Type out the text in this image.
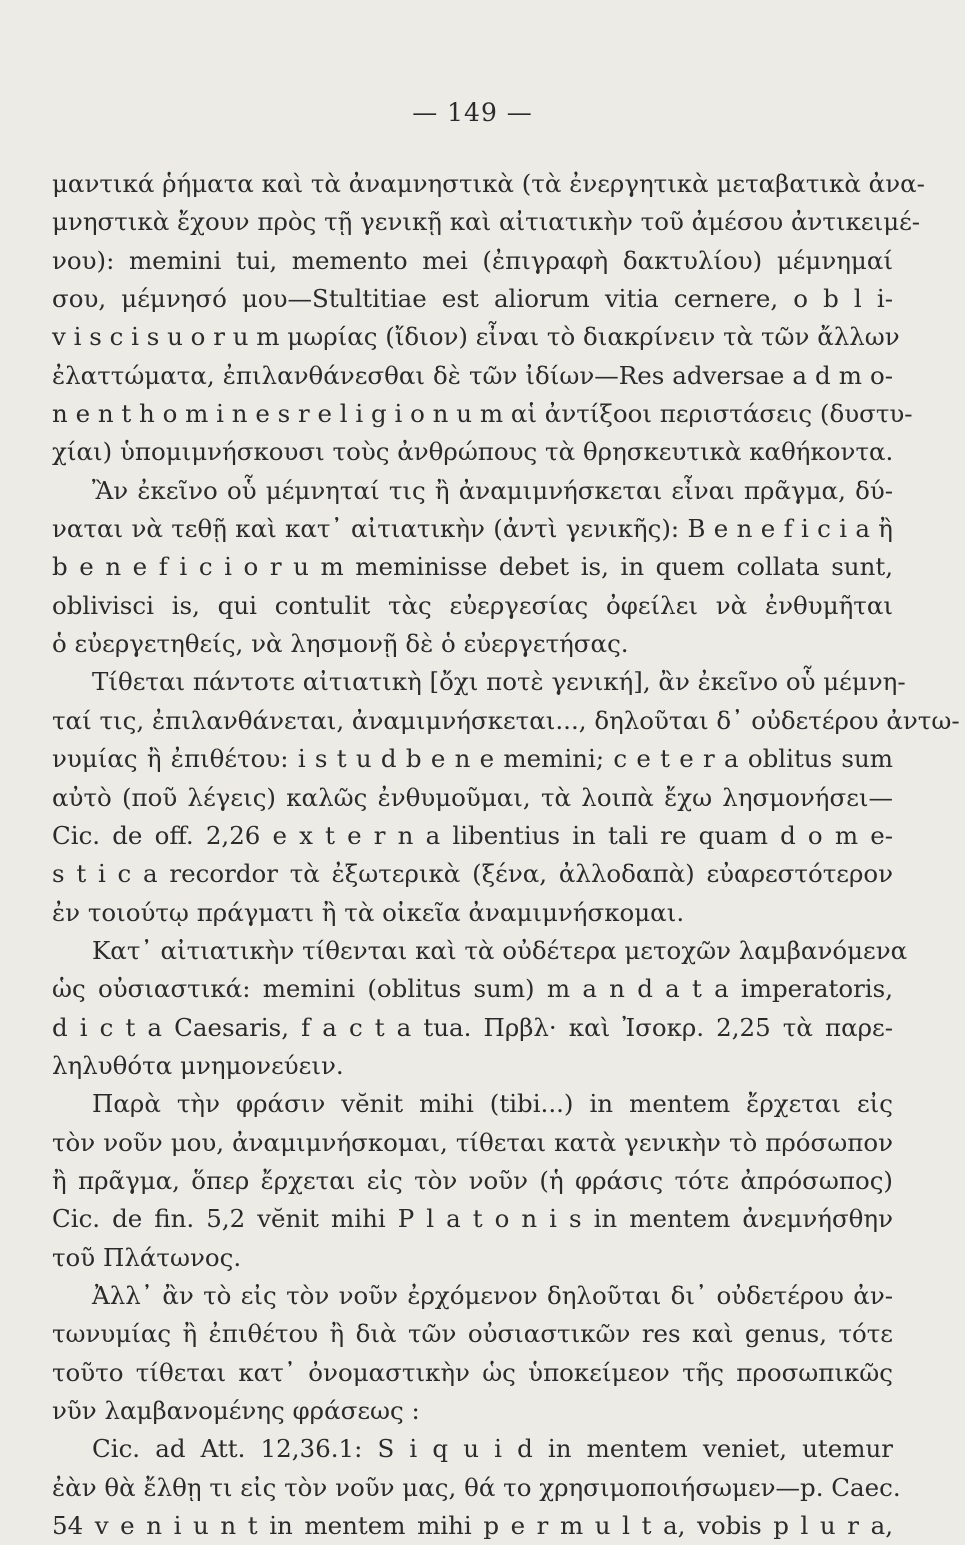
— 149 —
μαντικά ῥήματα καὶ τὰ ἀναμνηστικὰ (τὰ ἐνεργητικὰ μεταβατικὰ ἀνα-
μνηστικὰ ἔχουν πρὸς τῇ γενικῇ καὶ αἰτιατικὴν τοῦ ἀμέσου ἀντικειμέ-
νου): memini tui, memento mei (ἐπιγραφὴ δακτυλίου) μέμνημαί
σου, μέμνησό μου—Stultitiae est aliorum vitia cernere, o b l i-
v i s c i s u o r u m μωρίας (ἴδιον) εἶναι τὸ διακρίνειν τὰ τῶν ἄλλων
ἐλαττώματα, ἐπιλανθάνεσθαι δὲ τῶν ἰδίων—Res adversae a d m o-
n e n t h o m i n e s r e l i g i o n u m αἱ ἀντίξοοι περιστάσεις (δυστυ-
χίαι) ὑπομιμνήσκουσι τοὺς ἀνθρώπους τὰ θρησκευτικὰ καθήκοντα.
Ἂν ἐκεῖνο οὗ μέμνηταί τις ἢ ἀναμιμνήσκεται εἶναι πρᾶγμα, δύ-
ναται νὰ τεθῇ καὶ κατ᾿ αἰτιατικὴν (ἀντὶ γενικῆς): B e n e f i c i a ἢ
b e n e f i c i o r u m meminisse debet is, in quem collata sunt,
oblivisci is, qui contulit τὰς εὐεργεσίας ὀφείλει νὰ ἐνθυμῆται
ὁ εὐεργετηθείς, νὰ λησμονῇ δὲ ὁ εὐεργετήσας.
Τίθεται πάντοτε αἰτιατικὴ [ὄχι ποτὲ γενική], ἂν ἐκεῖνο οὗ μέμνη-
ταί τις, ἐπιλανθάνεται, ἀναμιμνήσκεται..., δηλοῦται δ᾿ οὐδετέρου ἀντω-
νυμίας ἢ ἐπιθέτου: i s t u d b e n e memini; c e t e r a oblitus sum
αὐτὸ (ποῦ λέγεις) καλῶς ἐνθυμοῦμαι, τὰ λοιπὰ ἔχω λησμονήσει—
Cic. de off. 2,26 e x t e r n a libentius in tali re quam d o m e-
s t i c a recordor τὰ ἐξωτερικὰ (ξένα, ἀλλοδαπὰ) εὐαρεστότερον
ἐν τοιούτῳ πράγματι ἢ τὰ οἰκεῖα ἀναμιμνήσκομαι.
Κατ᾿ αἰτιατικὴν τίθενται καὶ τὰ οὐδέτερα μετοχῶν λαμβανόμενα
ὡς οὐσιαστικά: memini (oblitus sum) m a n d a t a imperatoris,
d i c t a Caesaris, f a c t a tua. Πρβλ· καὶ Ἰσοκρ. 2,25 τὰ παρε-
ληλυθότα μνημονεύειν.
Παρὰ τὴν φράσιν vĕnit mihi (tibi...) in mentem ἔρχεται εἰς
τὸν νοῦν μου, ἀναμιμνήσκομαι, τίθεται κατὰ γενικὴν τὸ πρόσωπον
ἢ πρᾶγμα, ὅπερ ἔρχεται εἰς τὸν νοῦν (ἡ φράσις τότε ἀπρόσωπος)
Cic. de fin. 5,2 vĕnit mihi P l a t o n i s in mentem ἀνεμνήσθην
τοῦ Πλάτωνος.
Ἀλλ᾿ ἂν τὸ εἰς τὸν νοῦν ἐρχόμενον δηλοῦται δι᾿ οὐδετέρου ἀν-
τωνυμίας ἢ ἐπιθέτου ἢ διὰ τῶν οὐσιαστικῶν res καὶ genus, τότε
τοῦτο τίθεται κατ᾿ ὀνομαστικὴν ὡς ὑποκείμεον τῆς προσωπικῶς
νῦν λαμβανομένης φράσεως :
Cic. ad Att. 12,36.1: S i q u i d in mentem veniet, utemur
ἐὰν θὰ ἔλθῃ τι εἰς τὸν νοῦν μας, θά το χρησιμοποιήσωμεν—p. Caec.
54 v e n i u n t in mentem mihi p e r m u l t a, vobis p l u r a,
